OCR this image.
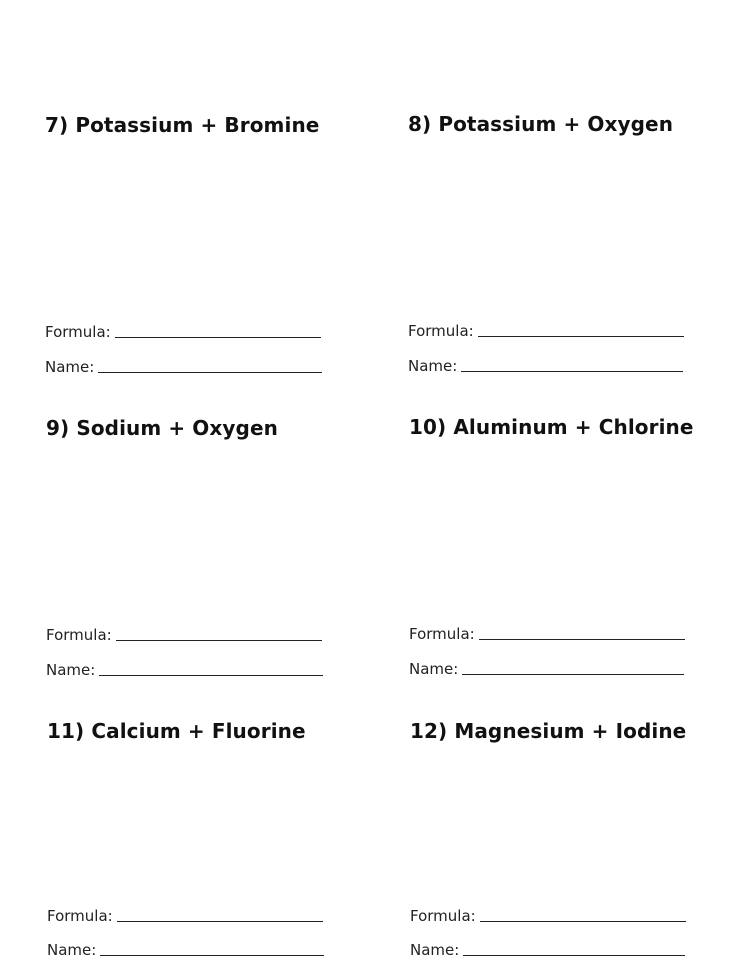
7) Potassium + Bromine
Formula:
Name:
8) Potassium + Oxygen
Formula:
Name:
9) Sodium + Oxygen
Formula:
Name:
10) Aluminum + Chlorine
Formula:
Name:
11) Calcium + Fluorine
Formula:
Name:
12) Magnesium + Iodine
Formula:
Name:
